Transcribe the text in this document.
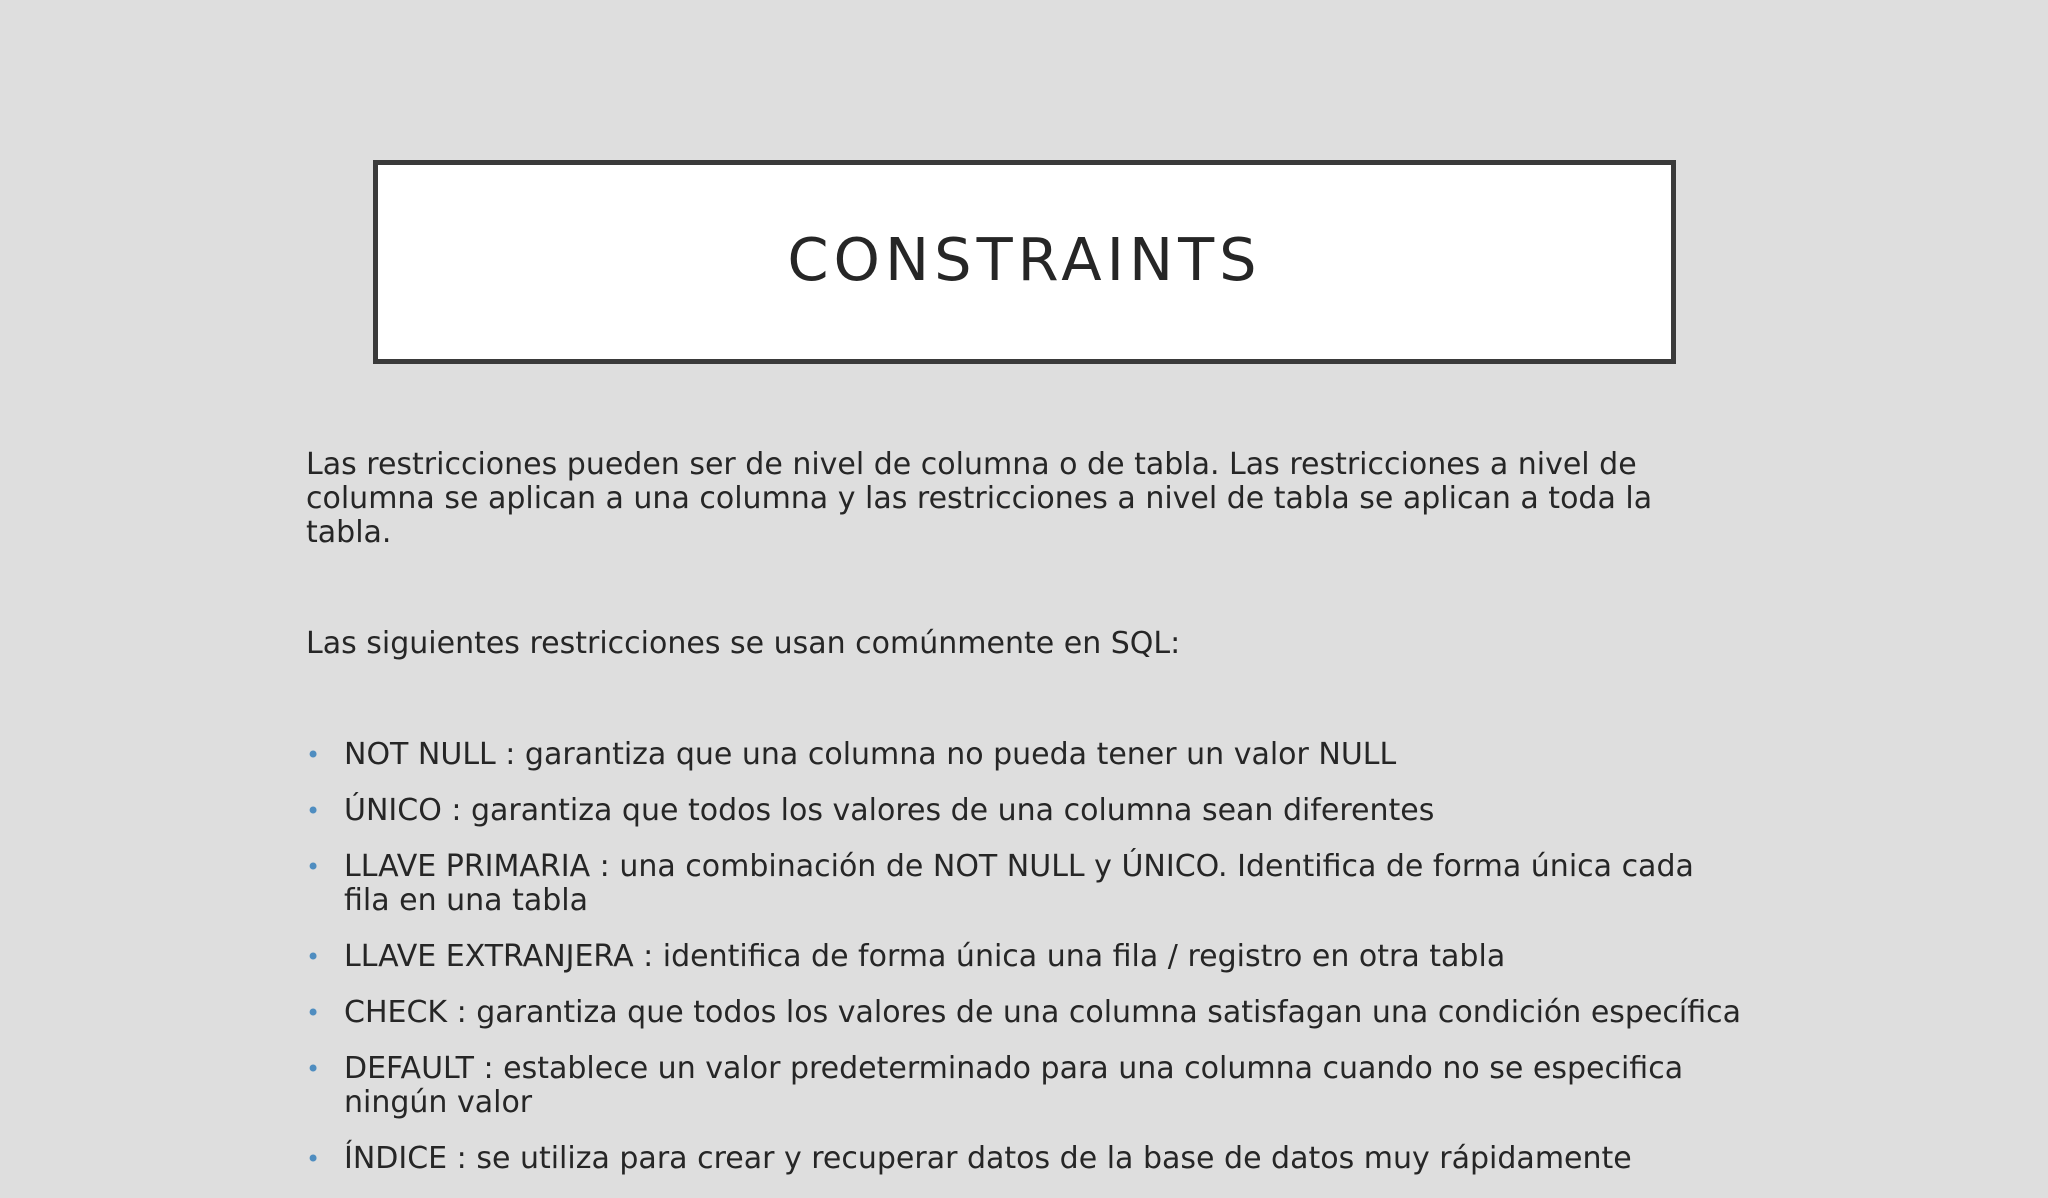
CONSTRAINTS

Las restricciones pueden ser de nivel de columna o de tabla. Las restricciones a nivel de columna se aplican a una columna y las restricciones a nivel de tabla se aplican a toda la tabla.

Las siguientes restricciones se usan comúnmente en SQL:

• NOT NULL : garantiza que una columna no pueda tener un valor NULL
• ÚNICO : garantiza que todos los valores de una columna sean diferentes
• LLAVE PRIMARIA : una combinación de NOT NULL y ÚNICO. Identifica de forma única cada fila en una tabla
• LLAVE EXTRANJERA : identifica de forma única una fila / registro en otra tabla
• CHECK : garantiza que todos los valores de una columna satisfagan una condición específica
• DEFAULT : establece un valor predeterminado para una columna cuando no se especifica ningún valor
• ÍNDICE : se utiliza para crear y recuperar datos de la base de datos muy rápidamente
